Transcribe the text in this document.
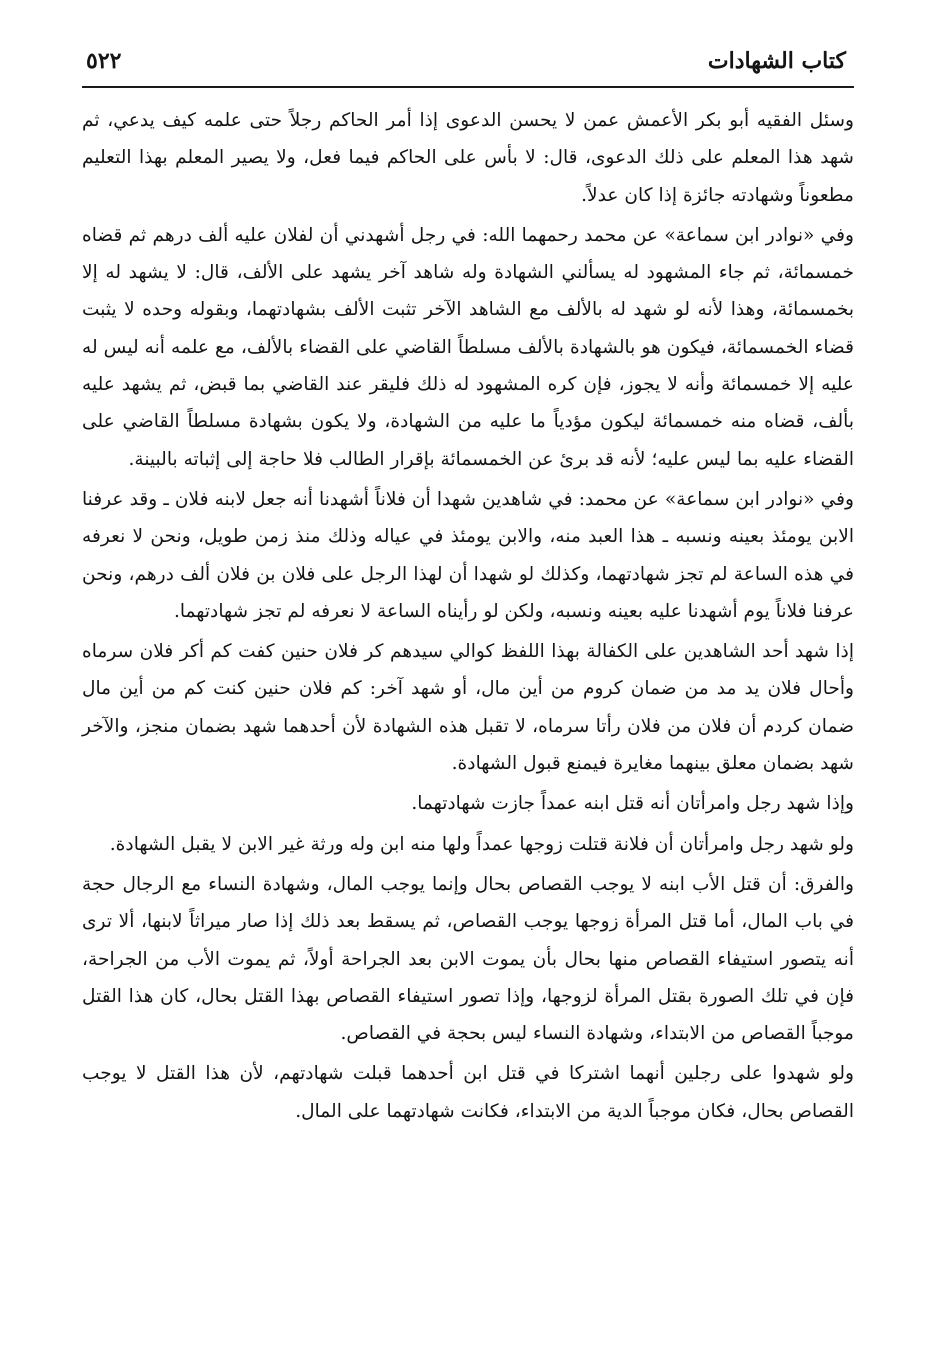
كتاب الشهادات
٥٢٢

وسئل الفقيه أبو بكر الأعمش عمن لا يحسن الدعوى إذا أمر الحاكم رجلاً حتى علمه كيف يدعي، ثم شهد هذا المعلم على ذلك الدعوى، قال: لا بأس على الحاكم فيما فعل، ولا يصير المعلم بهذا التعليم مطعوناً وشهادته جائزة إذا كان عدلاً.

وفي «نوادر ابن سماعة» عن محمد رحمهما الله: في رجل أشهدني أن لفلان عليه ألف درهم ثم قضاه خمسمائة، ثم جاء المشهود له يسألني الشهادة وله شاهد آخر يشهد على الألف، قال: لا يشهد له إلا بخمسمائة، وهذا لأنه لو شهد له بالألف مع الشاهد الآخر تثبت الألف بشهادتهما، وبقوله وحده لا يثبت قضاء الخمسمائة، فيكون هو بالشهادة بالألف مسلطاً القاضي على القضاء بالألف، مع علمه أنه ليس له عليه إلا خمسمائة وأنه لا يجوز، فإن كره المشهود له ذلك فليقر عند القاضي بما قبض، ثم يشهد عليه بألف، قضاه منه خمسمائة ليكون مؤدياً ما عليه من الشهادة، ولا يكون بشهادة مسلطاً القاضي على القضاء عليه بما ليس عليه؛ لأنه قد برئ عن الخمسمائة بإقرار الطالب فلا حاجة إلى إثباته بالبينة.

وفي «نوادر ابن سماعة» عن محمد: في شاهدين شهدا أن فلاناً أشهدنا أنه جعل لابنه فلان ـ وقد عرفنا الابن يومئذ بعينه ونسبه ـ هذا العبد منه، والابن يومئذ في عياله وذلك منذ زمن طويل، ونحن لا نعرفه في هذه الساعة لم تجز شهادتهما، وكذلك لو شهدا أن لهذا الرجل على فلان بن فلان ألف درهم، ونحن عرفنا فلاناً يوم أشهدنا عليه بعينه ونسبه، ولكن لو رأيناه الساعة لا نعرفه لم تجز شهادتهما.

إذا شهد أحد الشاهدين على الكفالة بهذا اللفظ كوالي سيدهم كر فلان حنين كفت كم أكر فلان سرماه وأحال فلان يد مد من ضمان كروم من أين مال، أو شهد آخر: كم فلان حنين كنت كم من أين مال ضمان كردم أن فلان من فلان رأتا سرماه، لا تقبل هذه الشهادة لأن أحدهما شهد بضمان منجز، والآخر شهد بضمان معلق بينهما مغايرة فيمنع قبول الشهادة.

وإذا شهد رجل وامرأتان أنه قتل ابنه عمداً جازت شهادتهما.

ولو شهد رجل وامرأتان أن فلانة قتلت زوجها عمداً ولها منه ابن وله ورثة غير الابن لا يقبل الشهادة.

والفرق: أن قتل الأب ابنه لا يوجب القصاص بحال وإنما يوجب المال، وشهادة النساء مع الرجال حجة في باب المال، أما قتل المرأة زوجها يوجب القصاص، ثم يسقط بعد ذلك إذا صار ميراثاً لابنها، ألا ترى أنه يتصور استيفاء القصاص منها بحال بأن يموت الابن بعد الجراحة أولاً، ثم يموت الأب من الجراحة، فإن في تلك الصورة بقتل المرأة لزوجها، وإذا تصور استيفاء القصاص بهذا القتل بحال، كان هذا القتل موجباً القصاص من الابتداء، وشهادة النساء ليس بحجة في القصاص.

ولو شهدوا على رجلين أنهما اشتركا في قتل ابن أحدهما قبلت شهادتهم، لأن هذا القتل لا يوجب القصاص بحال، فكان موجباً الدية من الابتداء، فكانت شهادتهما على المال.
